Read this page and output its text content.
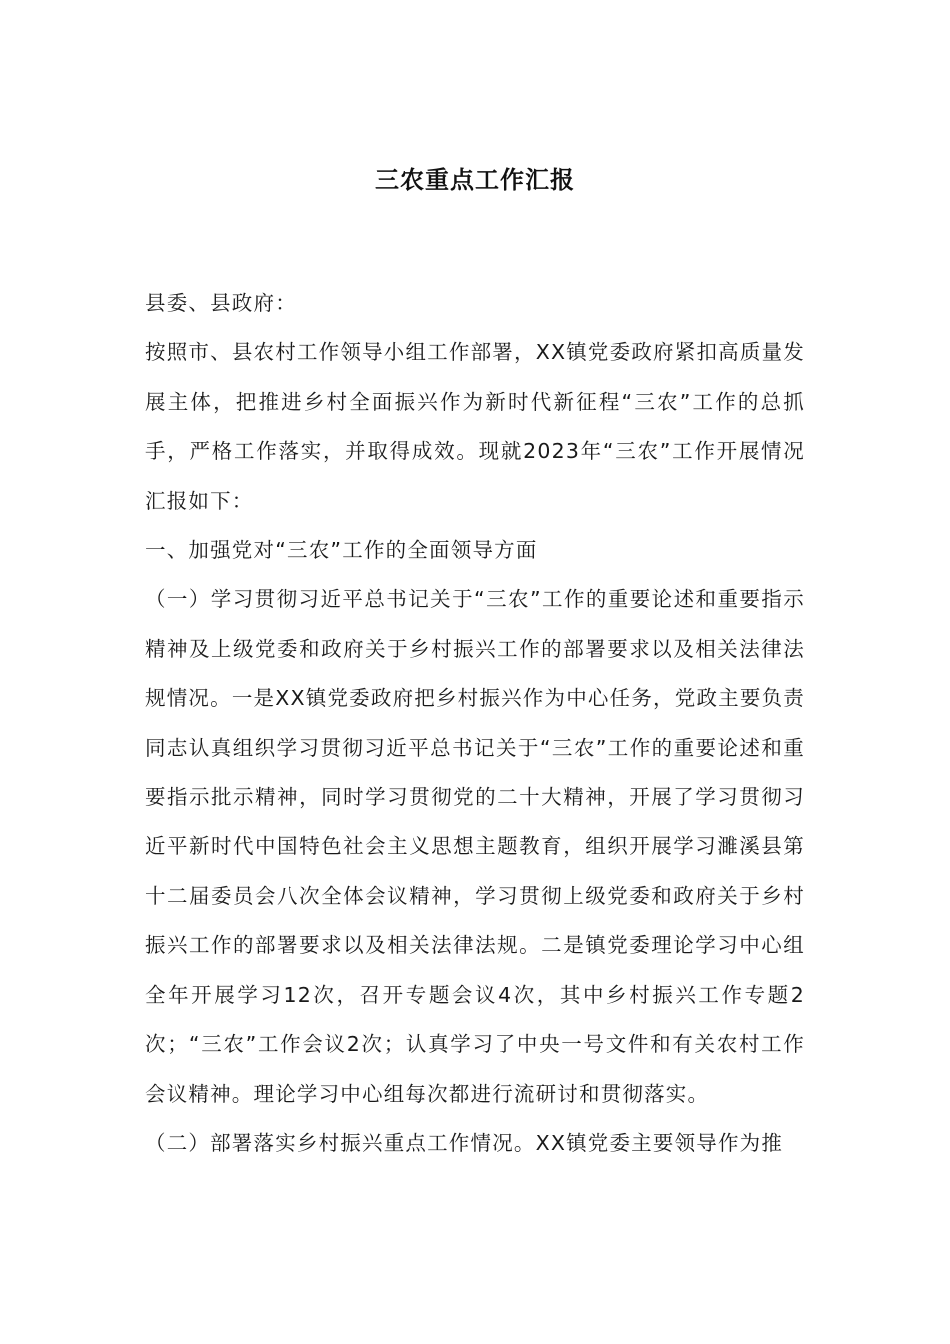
三农重点工作汇报

县委、县政府：

按照市、县农村工作领导小组工作部署，XX镇党委政府紧扣高质量发展主体，把推进乡村全面振兴作为新时代新征程“三农”工作的总抓手，严格工作落实，并取得成效。现就2023年“三农”工作开展情况汇报如下：

一、加强党对“三农”工作的全面领导方面

（一）学习贯彻习近平总书记关于“三农”工作的重要论述和重要指示精神及上级党委和政府关于乡村振兴工作的部署要求以及相关法律法规情况。一是XX镇党委政府把乡村振兴作为中心任务，党政主要负责同志认真组织学习贯彻习近平总书记关于“三农”工作的重要论述和重要指示批示精神，同时学习贯彻党的二十大精神，开展了学习贯彻习近平新时代中国特色社会主义思想主题教育，组织开展学习濉溪县第十二届委员会八次全体会议精神，学习贯彻上级党委和政府关于乡村振兴工作的部署要求以及相关法律法规。二是镇党委理论学习中心组全年开展学习12次，召开专题会议4次，其中乡村振兴工作专题2次；“三农”工作会议2次；认真学习了中央一号文件和有关农村工作会议精神。理论学习中心组每次都进行流研讨和贯彻落实。

（二）部署落实乡村振兴重点工作情况。XX镇党委主要领导作为推
